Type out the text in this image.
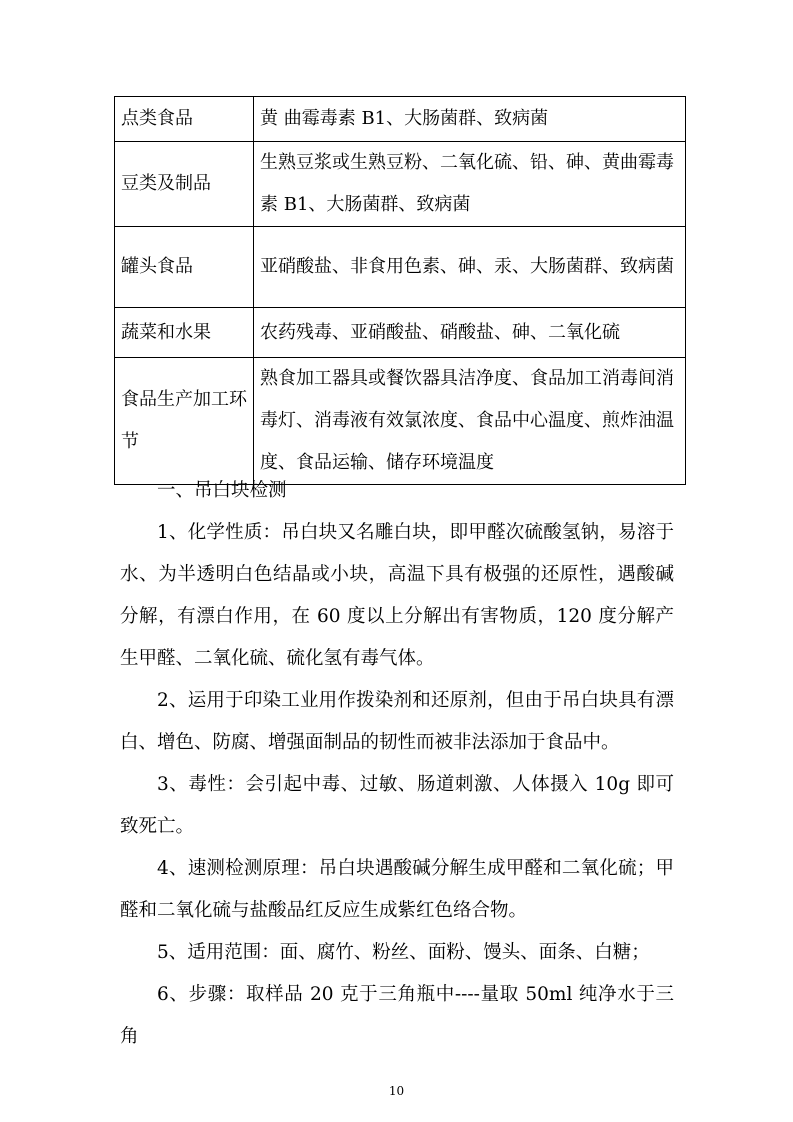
点类食品	黄 曲霉毒素 B1、大肠菌群、致病菌
豆类及制品	生熟豆浆或生熟豆粉、二氧化硫、铅、砷、黄曲霉毒 素 B1、大肠菌群、致病菌
罐头食品	亚硝酸盐、非食用色素、砷、汞、大肠菌群、致病菌
蔬菜和水果	农药残毒、亚硝酸盐、硝酸盐、砷、二氧化硫
食品生产加工环节	熟食加工器具或餐饮器具洁净度、食品加工消毒间消 毒灯、消毒液有效氯浓度、食品中心温度、煎炸油温 度、食品运输、储存环境温度

一、吊白块检测

1、化学性质：吊白块又名雕白块，即甲醛次硫酸氢钠，易溶于水、为半透明白色结晶或小块，高温下具有极强的还原性，遇酸碱分解，有漂白作用，在 60 度以上分解出有害物质，120 度分解产生甲醛、二氧化硫、硫化氢有毒气体。

2、运用于印染工业用作拨染剂和还原剂，但由于吊白块具有漂白、增色、防腐、增强面制品的韧性而被非法添加于食品中。

3、毒性：会引起中毒、过敏、肠道刺激、人体摄入 10g 即可致死亡。

4、速测检测原理：吊白块遇酸碱分解生成甲醛和二氧化硫；甲醛和二氧化硫与盐酸品红反应生成紫红色络合物。

5、适用范围：面、腐竹、粉丝、面粉、馒头、面条、白糖；

6、步骤：取样品 20 克于三角瓶中----量取 50ml 纯净水于三角

10
